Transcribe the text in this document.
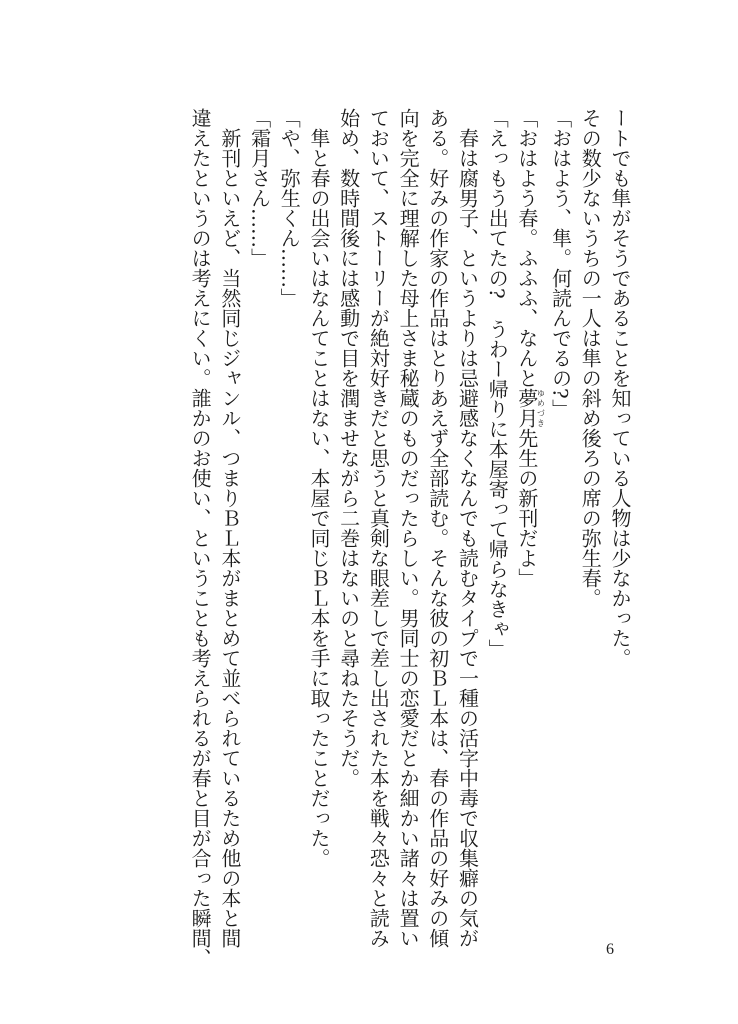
ートでも隼がそうであることを知っている人物は少なかった。
その数少ないうちの一人は隼の斜め後ろの席の弥生春。
「おはよう、隼。何読んでるの?」
「おはよう春。ふふふ、なんと夢月ゆめづき先生の新刊だよ」
「えっもう出てたの?　うわー帰りに本屋寄って帰らなきゃ」
　春は腐男子、というよりは忌避感なくなんでも読むタイプで一種の活字中毒で収集癖の気が
ある。好みの作家の作品はとりあえず全部読む。そんな彼の初ＢＬ本は、春の作品の好みの傾
向を完全に理解した母上さま秘蔵のものだったらしい。男同士の恋愛だとか細かい諸々は置い
ておいて、ストーリーが絶対好きだと思うと真剣な眼差しで差し出された本を戦々恐々と読み
始め、数時間後には感動で目を潤ませながら二巻はないのと尋ねたそうだ。
　隼と春の出会いはなんてことはない、本屋で同じＢＬ本を手に取ったことだった。
「や、弥生くん……」
「霜月さん……」
　新刊といえど、当然同じジャンル、つまりＢＬ本がまとめて並べられているため他の本と間
違えたというのは考えにくい。誰かのお使い、ということも考えられるが春と目が合った瞬間、	6
